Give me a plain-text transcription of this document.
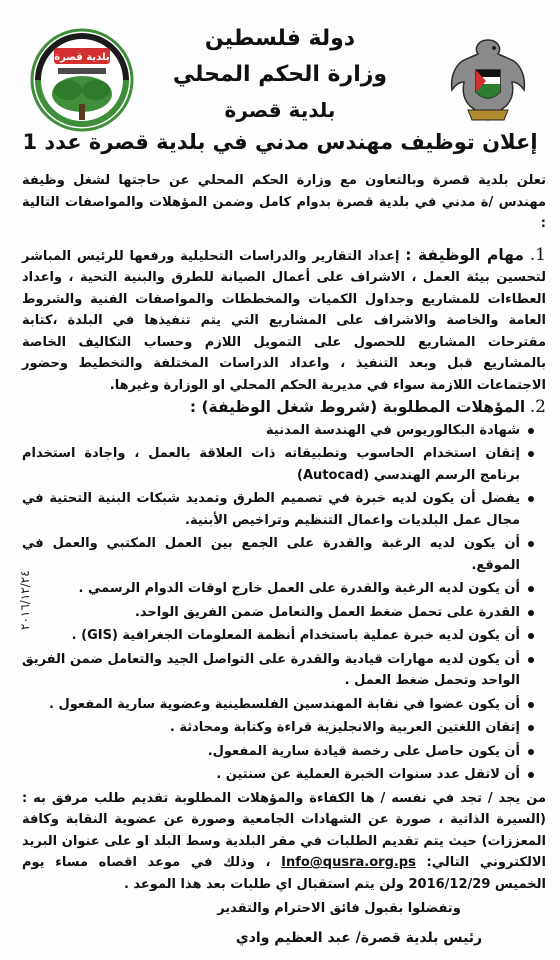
بلدية قصرة
دولة فلسطين
وزارة الحكم المحلي
بلدية قصرة
إعلان توظيف مهندس مدني في بلدية قصرة عدد 1

تعلن بلدية قصرة وبالتعاون مع وزارة الحكم المحلي عن حاجتها لشغل وظيفة مهندس /ة مدني في بلدية قصرة بدوام كامل وضمن المؤهلات والمواصفات التالية :

1. مهام الوظيفة : إعداد التقارير والدراسات التحليلية ورفعها للرئيس المباشر لتحسين بيئة العمل ، الاشراف على أعمال الصيانة للطرق والبنية التحية ، واعداد العطاءات للمشاريع وجداول الكميات والمخططات والمواصفات الفنية والشروط العامة والخاصة والاشراف على المشاريع التي يتم تنفيذها في البلدة ،كتابة مقترحات المشاريع للحصول على التمويل اللازم وحساب التكاليف الخاصة بالمشاريع قبل وبعد التنفيذ ، واعداد الدراسات المختلفة والتخطيط وحضور الاجتماعات اللازمة سواء في مديرية الحكم المحلي او الوزارة وغيرها.

2. المؤهلات المطلوبة (شروط شغل الوظيفة) :

شهادة البكالوريوس في الهندسة المدنية
إتقان استخدام الحاسوب وتطبيقاته ذات العلاقة بالعمل ، واجادة استخدام برنامج الرسم الهندسي (Autocad)
يفضل أن يكون لديه خبرة في تصميم الطرق وتمديد شبكات البنية التحتية في مجال عمل البلديات واعمال التنظيم وتراخيص الأبنية.
أن يكون لديه الرغبة والقدرة على الجمع بين العمل المكتبي والعمل في الموقع.
أن يكون لديه الرغبة والقدرة على العمل خارج اوقات الدوام الرسمي .
القدرة على تحمل ضغط العمل والتعامل ضمن الفريق الواحد.
أن يكون لديه خبرة عملية باستخدام أنظمة المعلومات الجغرافية (GIS) .
أن يكون لديه مهارات قيادية والقدرة على التواصل الجيد والتعامل ضمن الفريق الواحد وتحمل ضغط العمل .
أن يكون عضوا في نقابة المهندسين الفلسطينية وعضوية سارية المفعول .
إتقان اللغتين العربية والانجليزية قراءة وكتابة ومحادثة .
أن يكون حاصل على رخصة قيادة سارية المفعول.
أن لاتقل عدد سنوات الخبرة العملية عن سنتين .

من يجد / تجد في نفسه / ها الكفاءة والمؤهلات المطلوبة تقديم طلب مرفق به :(السيرة الذاتية ، صورة عن الشهادات الجامعية وصورة عن عضوية النقابة وكافة المعززات) حيث يتم تقديم الطلبات في مقر البلدية وسط البلد او على عنوان البريد الالكتروني التالي: Info@qusra.org.ps ، وذلك في موعد اقصاه مساء يوم الخميس 2016/12/29 ولن يتم استقبال اي طلبات بعد هذا الموعد .

وتفضلوا بقبول فائق الاحترام والتقدير

رئيس بلدية قصرة/ عبد العظيم وادي

٢٠١٦/١٢/٢٤
